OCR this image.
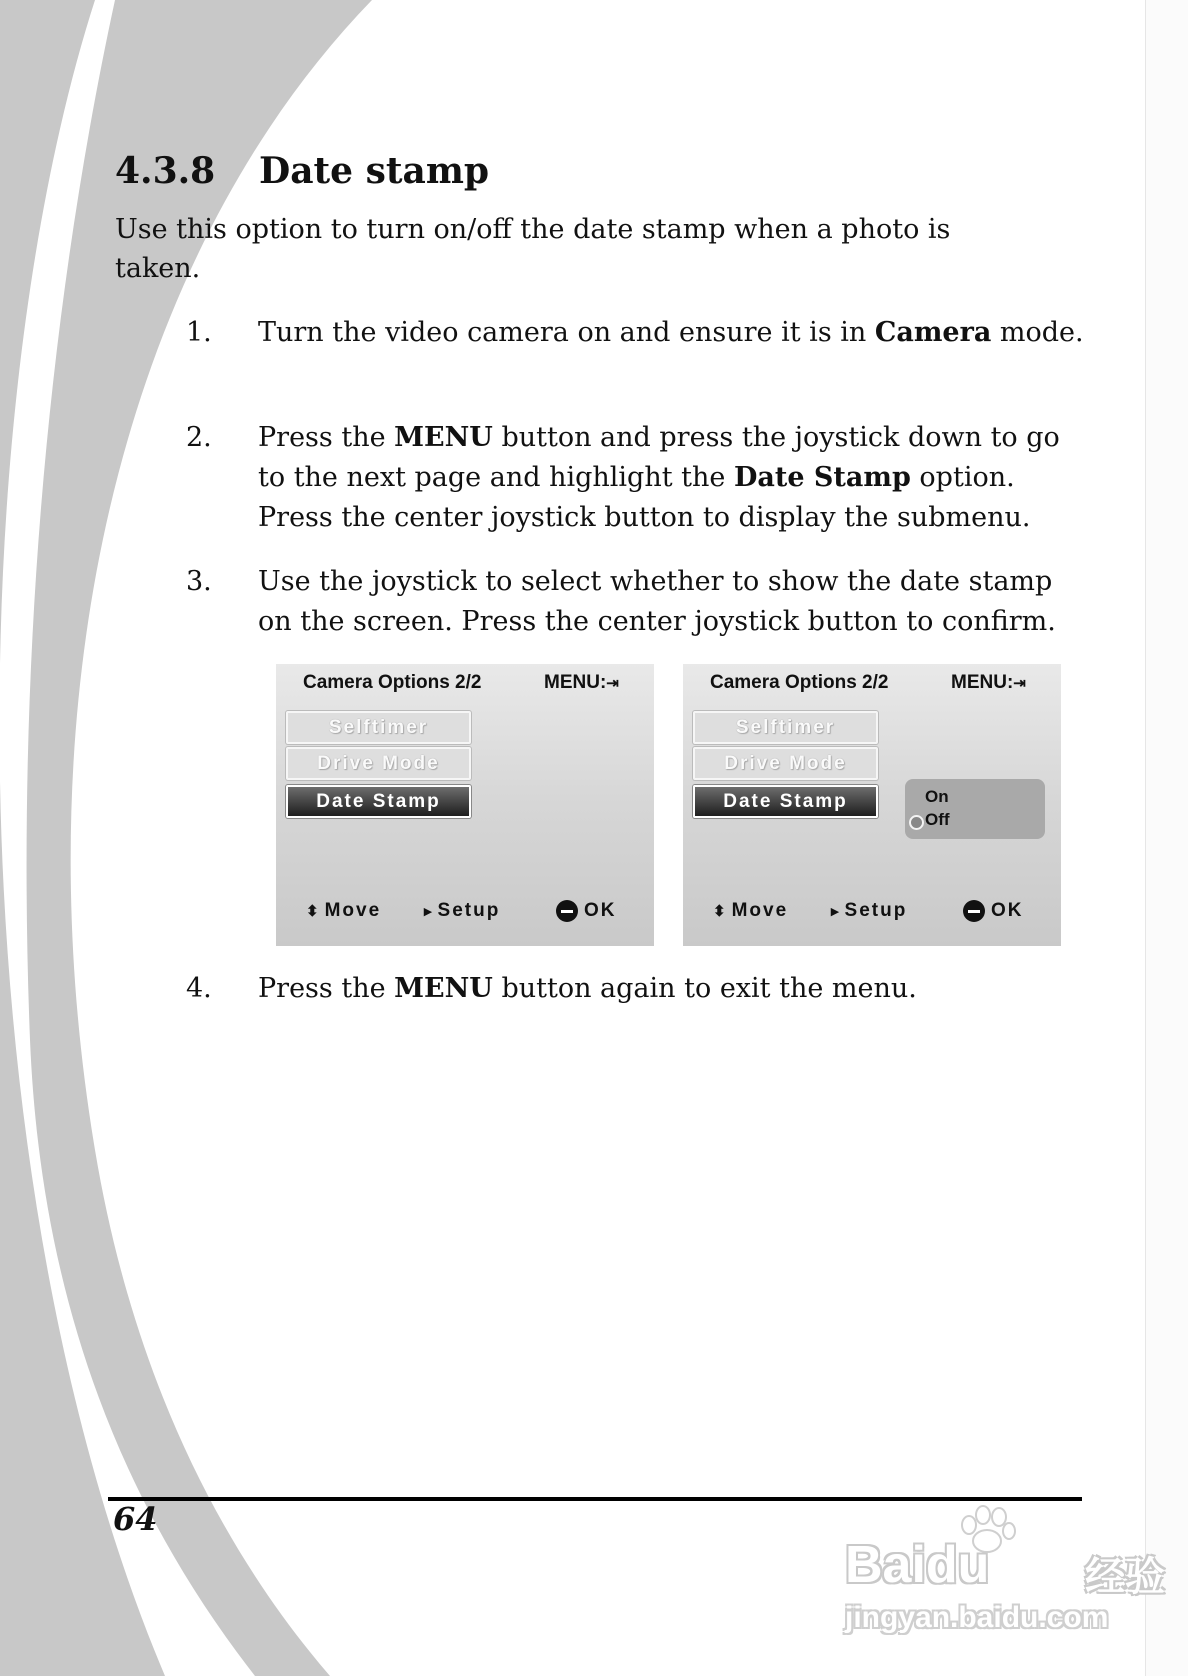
4.3.8	Date stamp
Use this option to turn on/off the date stamp when a photo is taken.
1.	Turn the video camera on and ensure it is in Camera mode.
2.	Press the MENU button and press the joystick down to go to the next page and highlight the Date Stamp option. Press the center joystick button to display the submenu.
3.	Use the joystick to select whether to show the date stamp on the screen. Press the center joystick button to confirm.
Camera Options 2/2	MENU:⇥
Selftimer
Drive Mode
Date Stamp
⬍ Move	▸ Setup	OK
Camera Options 2/2	MENU:⇥
Selftimer
Drive Mode
Date Stamp	On
Off
⬍ Move	▸ Setup	OK
4.	Press the MENU button again to exit the menu.
64
Baidu 经验
jingyan.baidu.com
